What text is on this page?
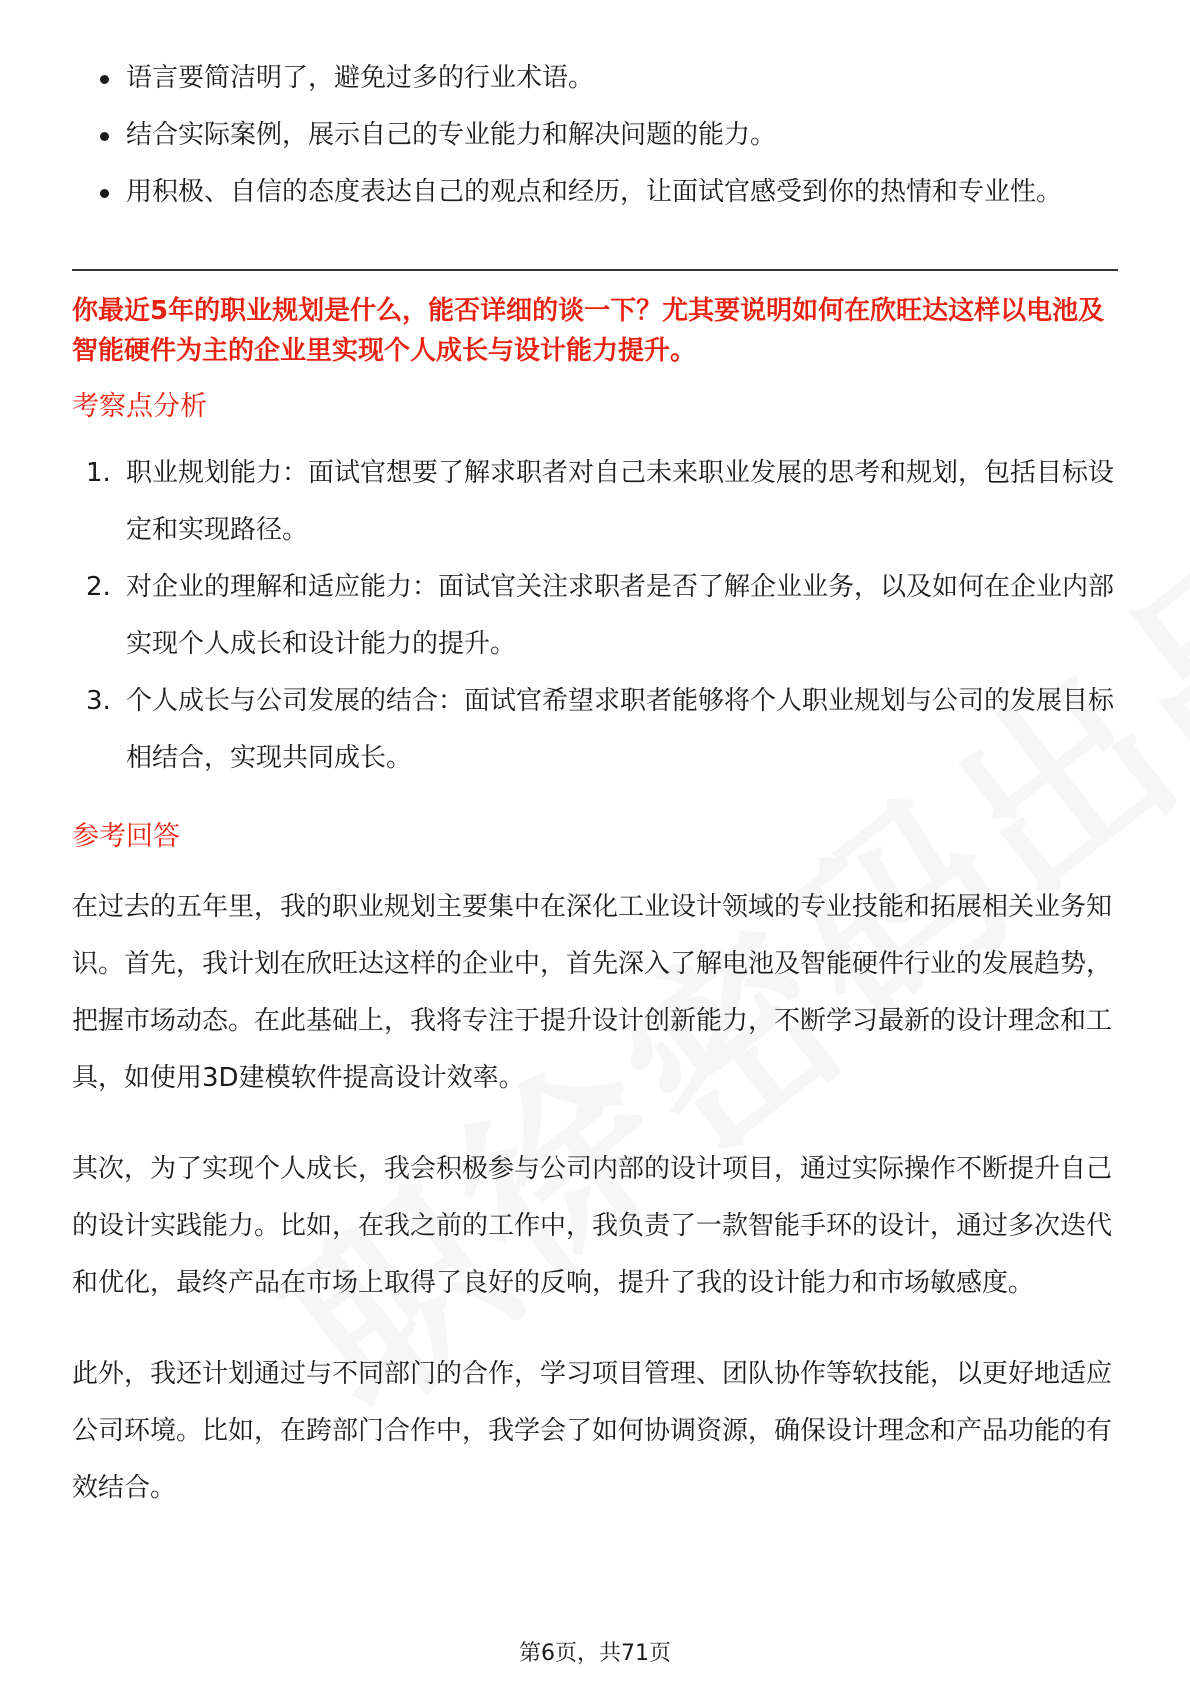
语言要简洁明了，避免过多的行业术语。
结合实际案例，展示自己的专业能力和解决问题的能力。
用积极、自信的态度表达自己的观点和经历，让面试官感受到你的热情和专业性。
你最近5年的职业规划是什么，能否详细的谈一下？尤其要说明如何在欣旺达这样以电池及智能硬件为主的企业里实现个人成长与设计能力提升。
考察点分析
1. 职业规划能力：面试官想要了解求职者对自己未来职业发展的思考和规划，包括目标设定和实现路径。
2. 对企业的理解和适应能力：面试官关注求职者是否了解企业业务，以及如何在企业内部实现个人成长和设计能力的提升。
3. 个人成长与公司发展的结合：面试官希望求职者能够将个人职业规划与公司的发展目标相结合，实现共同成长。
参考回答
在过去的五年里，我的职业规划主要集中在深化工业设计领域的专业技能和拓展相关业务知识。首先，我计划在欣旺达这样的企业中，首先深入了解电池及智能硬件行业的发展趋势，把握市场动态。在此基础上，我将专注于提升设计创新能力，不断学习最新的设计理念和工具，如使用3D建模软件提高设计效率。
其次，为了实现个人成长，我会积极参与公司内部的设计项目，通过实际操作不断提升自己的设计实践能力。比如，在我之前的工作中，我负责了一款智能手环的设计，通过多次迭代和优化，最终产品在市场上取得了良好的反响，提升了我的设计能力和市场敏感度。
此外，我还计划通过与不同部门的合作，学习项目管理、团队协作等软技能，以更好地适应公司环境。比如，在跨部门合作中，我学会了如何协调资源，确保设计理念和产品功能的有效结合。
第6页，共71页
